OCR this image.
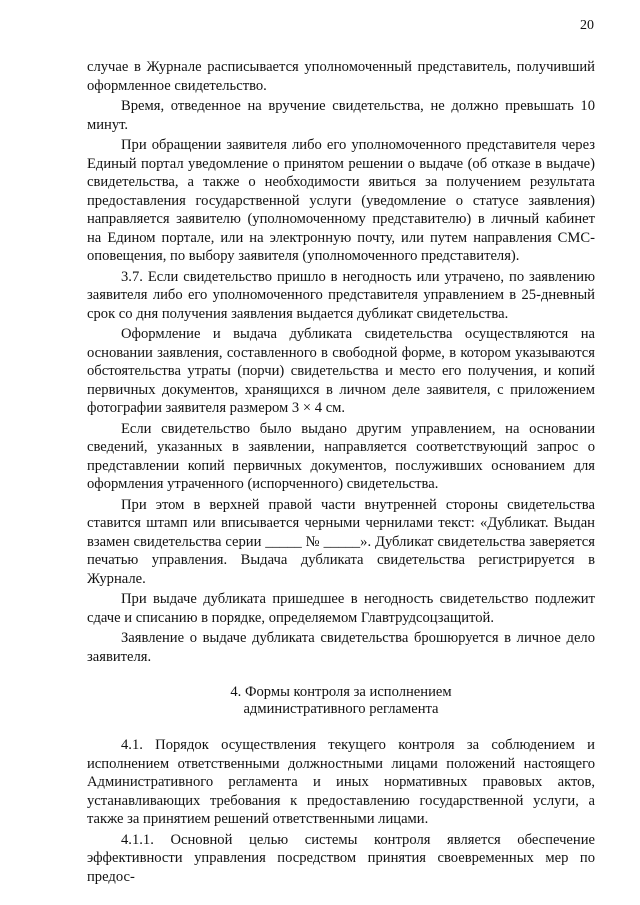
20

случае в Журнале расписывается уполномоченный представитель, получивший оформленное свидетельство.

Время, отведенное на вручение свидетельства, не должно превышать 10 минут.

При обращении заявителя либо его уполномоченного представителя через Единый портал уведомление о принятом решении о выдаче (об отказе в выдаче) свидетельства, а также о необходимости явиться за получением результата предоставления государственной услуги (уведомление о статусе заявления) направляется заявителю (уполномоченному представителю) в личный кабинет на Едином портале, или на электронную почту, или путем направления СМС-оповещения, по выбору заявителя (уполномоченного представителя).

3.7. Если свидетельство пришло в негодность или утрачено, по заявлению заявителя либо его уполномоченного представителя управлением в 25-дневный срок со дня получения заявления выдается дубликат свидетельства.

Оформление и выдача дубликата свидетельства осуществляются на основании заявления, составленного в свободной форме, в котором указываются обстоятельства утраты (порчи) свидетельства и место его получения, и копий первичных документов, хранящихся в личном деле заявителя, с приложением фотографии заявителя размером 3 × 4 см.

Если свидетельство было выдано другим управлением, на основании сведений, указанных в заявлении, направляется соответствующий запрос о представлении копий первичных документов, послуживших основанием для оформления утраченного (испорченного) свидетельства.

При этом в верхней правой части внутренней стороны свидетельства ставится штамп или вписывается черными чернилами текст: «Дубликат. Выдан взамен свидетельства серии _____ № _____». Дубликат свидетельства заверяется печатью управления. Выдача дубликата свидетельства регистрируется в Журнале.

При выдаче дубликата пришедшее в негодность свидетельство подлежит сдаче и списанию в порядке, определяемом Главтрудсоцзащитой.

Заявление о выдаче дубликата свидетельства брошюруется в личное дело заявителя.

4. Формы контроля за исполнением
административного регламента

4.1. Порядок осуществления текущего контроля за соблюдением и исполнением ответственными должностными лицами положений настоящего Административного регламента и иных нормативных правовых актов, устанавливающих требования к предоставлению государственной услуги, а также за принятием решений ответственными лицами.

4.1.1. Основной целью системы контроля является обеспечение эффективности управления посредством принятия своевременных мер по предос-
